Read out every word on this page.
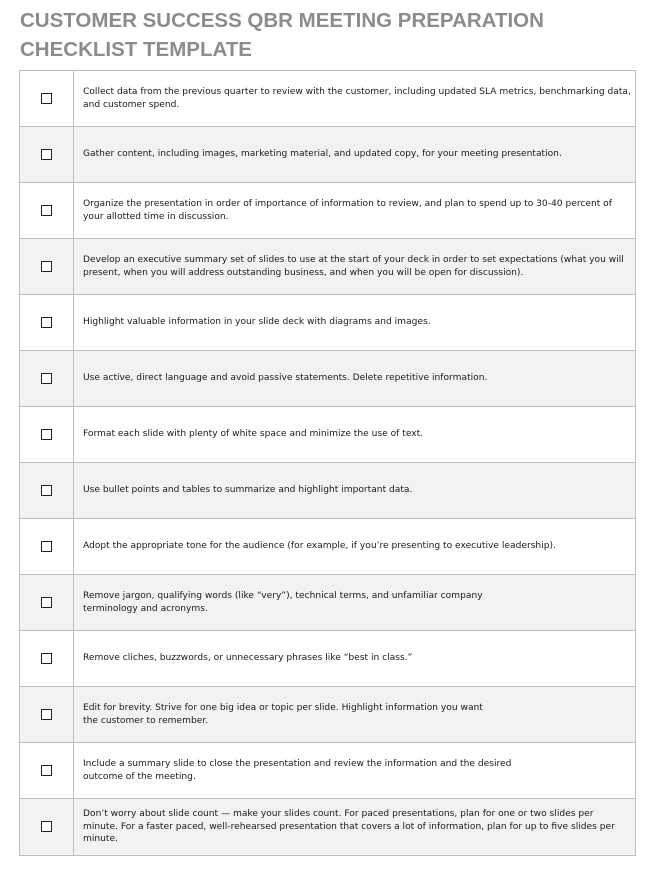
CUSTOMER SUCCESS QBR MEETING PREPARATION CHECKLIST TEMPLATE
	Collect data from the previous quarter to review with the customer, including updated SLA metrics, benchmarking data, and customer spend.
	Gather content, including images, marketing material, and updated copy, for your meeting presentation.
	Organize the presentation in order of importance of information to review, and plan to spend up to 30-40 percent of your allotted time in discussion.
	Develop an executive summary set of slides to use at the start of your deck in order to set expectations (what you will present, when you will address outstanding business, and when you will be open for discussion).
	Highlight valuable information in your slide deck with diagrams and images.
	Use active, direct language and avoid passive statements. Delete repetitive information.
	Format each slide with plenty of white space and minimize the use of text.
	Use bullet points and tables to summarize and highlight important data.
	Adopt the appropriate tone for the audience (for example, if you’re presenting to executive leadership).
	Remove jargon, qualifying words (like “very”), technical terms, and unfamiliar company
terminology and acronyms.
	Remove cliches, buzzwords, or unnecessary phrases like “best in class.”
	Edit for brevity. Strive for one big idea or topic per slide. Highlight information you want
the customer to remember.
	Include a summary slide to close the presentation and review the information and the desired
outcome of the meeting.
	Don’t worry about slide count — make your slides count. For paced presentations, plan for one or two slides per minute. For a faster paced, well-rehearsed presentation that covers a lot of information, plan for up to five slides per minute.
